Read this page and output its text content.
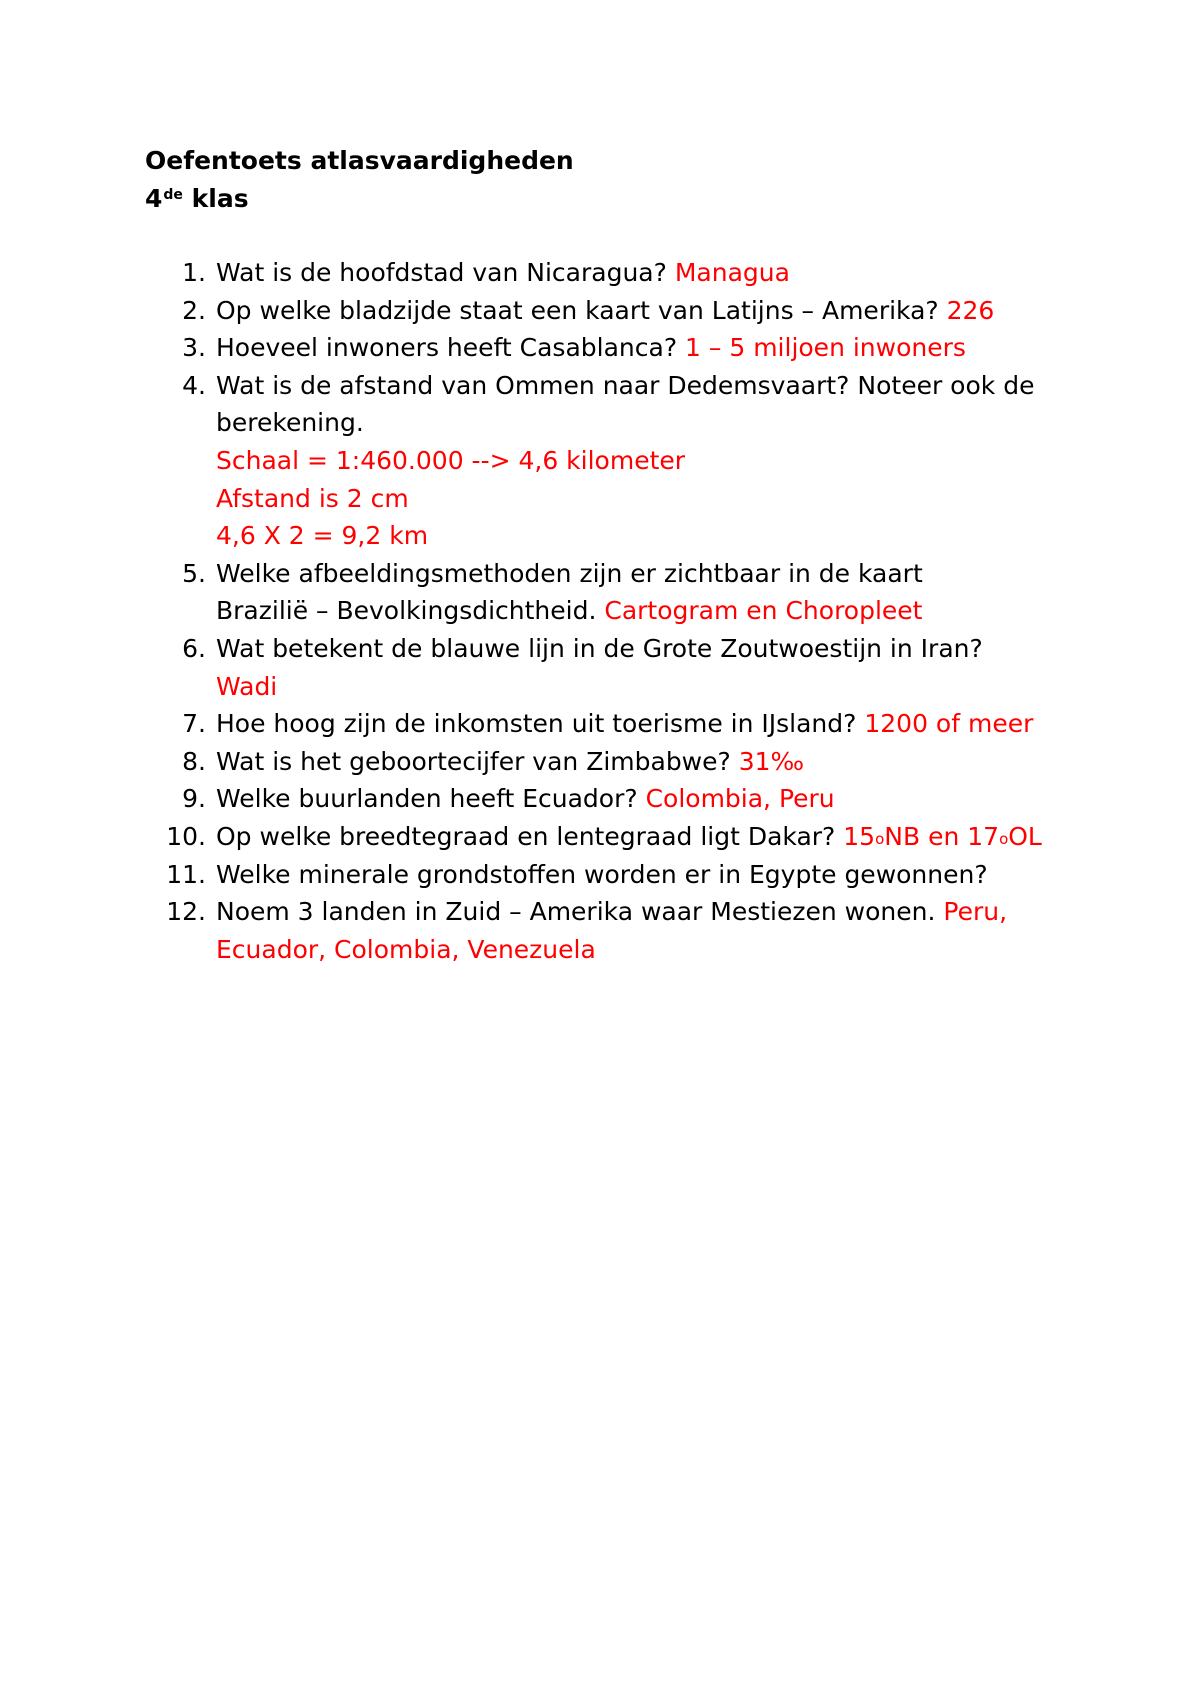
Oefentoets atlasvaardigheden
4de klas
1. Wat is de hoofdstad van Nicaragua? Managua
2. Op welke bladzijde staat een kaart van Latijns – Amerika? 226
3. Hoeveel inwoners heeft Casablanca? 1 – 5 miljoen inwoners
4. Wat is de afstand van Ommen naar Dedemsvaart? Noteer ook de
berekening.
Schaal = 1:460.000 --> 4,6 kilometer
Afstand is 2 cm
4,6 X 2 = 9,2 km
5. Welke afbeeldingsmethoden zijn er zichtbaar in de kaart
Brazilië – Bevolkingsdichtheid. Cartogram en Choropleet
6. Wat betekent de blauwe lijn in de Grote Zoutwoestijn in Iran?
Wadi
7. Hoe hoog zijn de inkomsten uit toerisme in IJsland? 1200 of meer
8. Wat is het geboortecijfer van Zimbabwe? 31‰
9. Welke buurlanden heeft Ecuador? Colombia, Peru
10. Op welke breedtegraad en lentegraad ligt Dakar? 15$^o$NB en 17$^o$OL
11. Welke minerale grondstoffen worden er in Egypte gewonnen?
12. Noem 3 landen in Zuid – Amerika waar Mestiezen wonen. Peru,
Ecuador, Colombia, Venezuela
